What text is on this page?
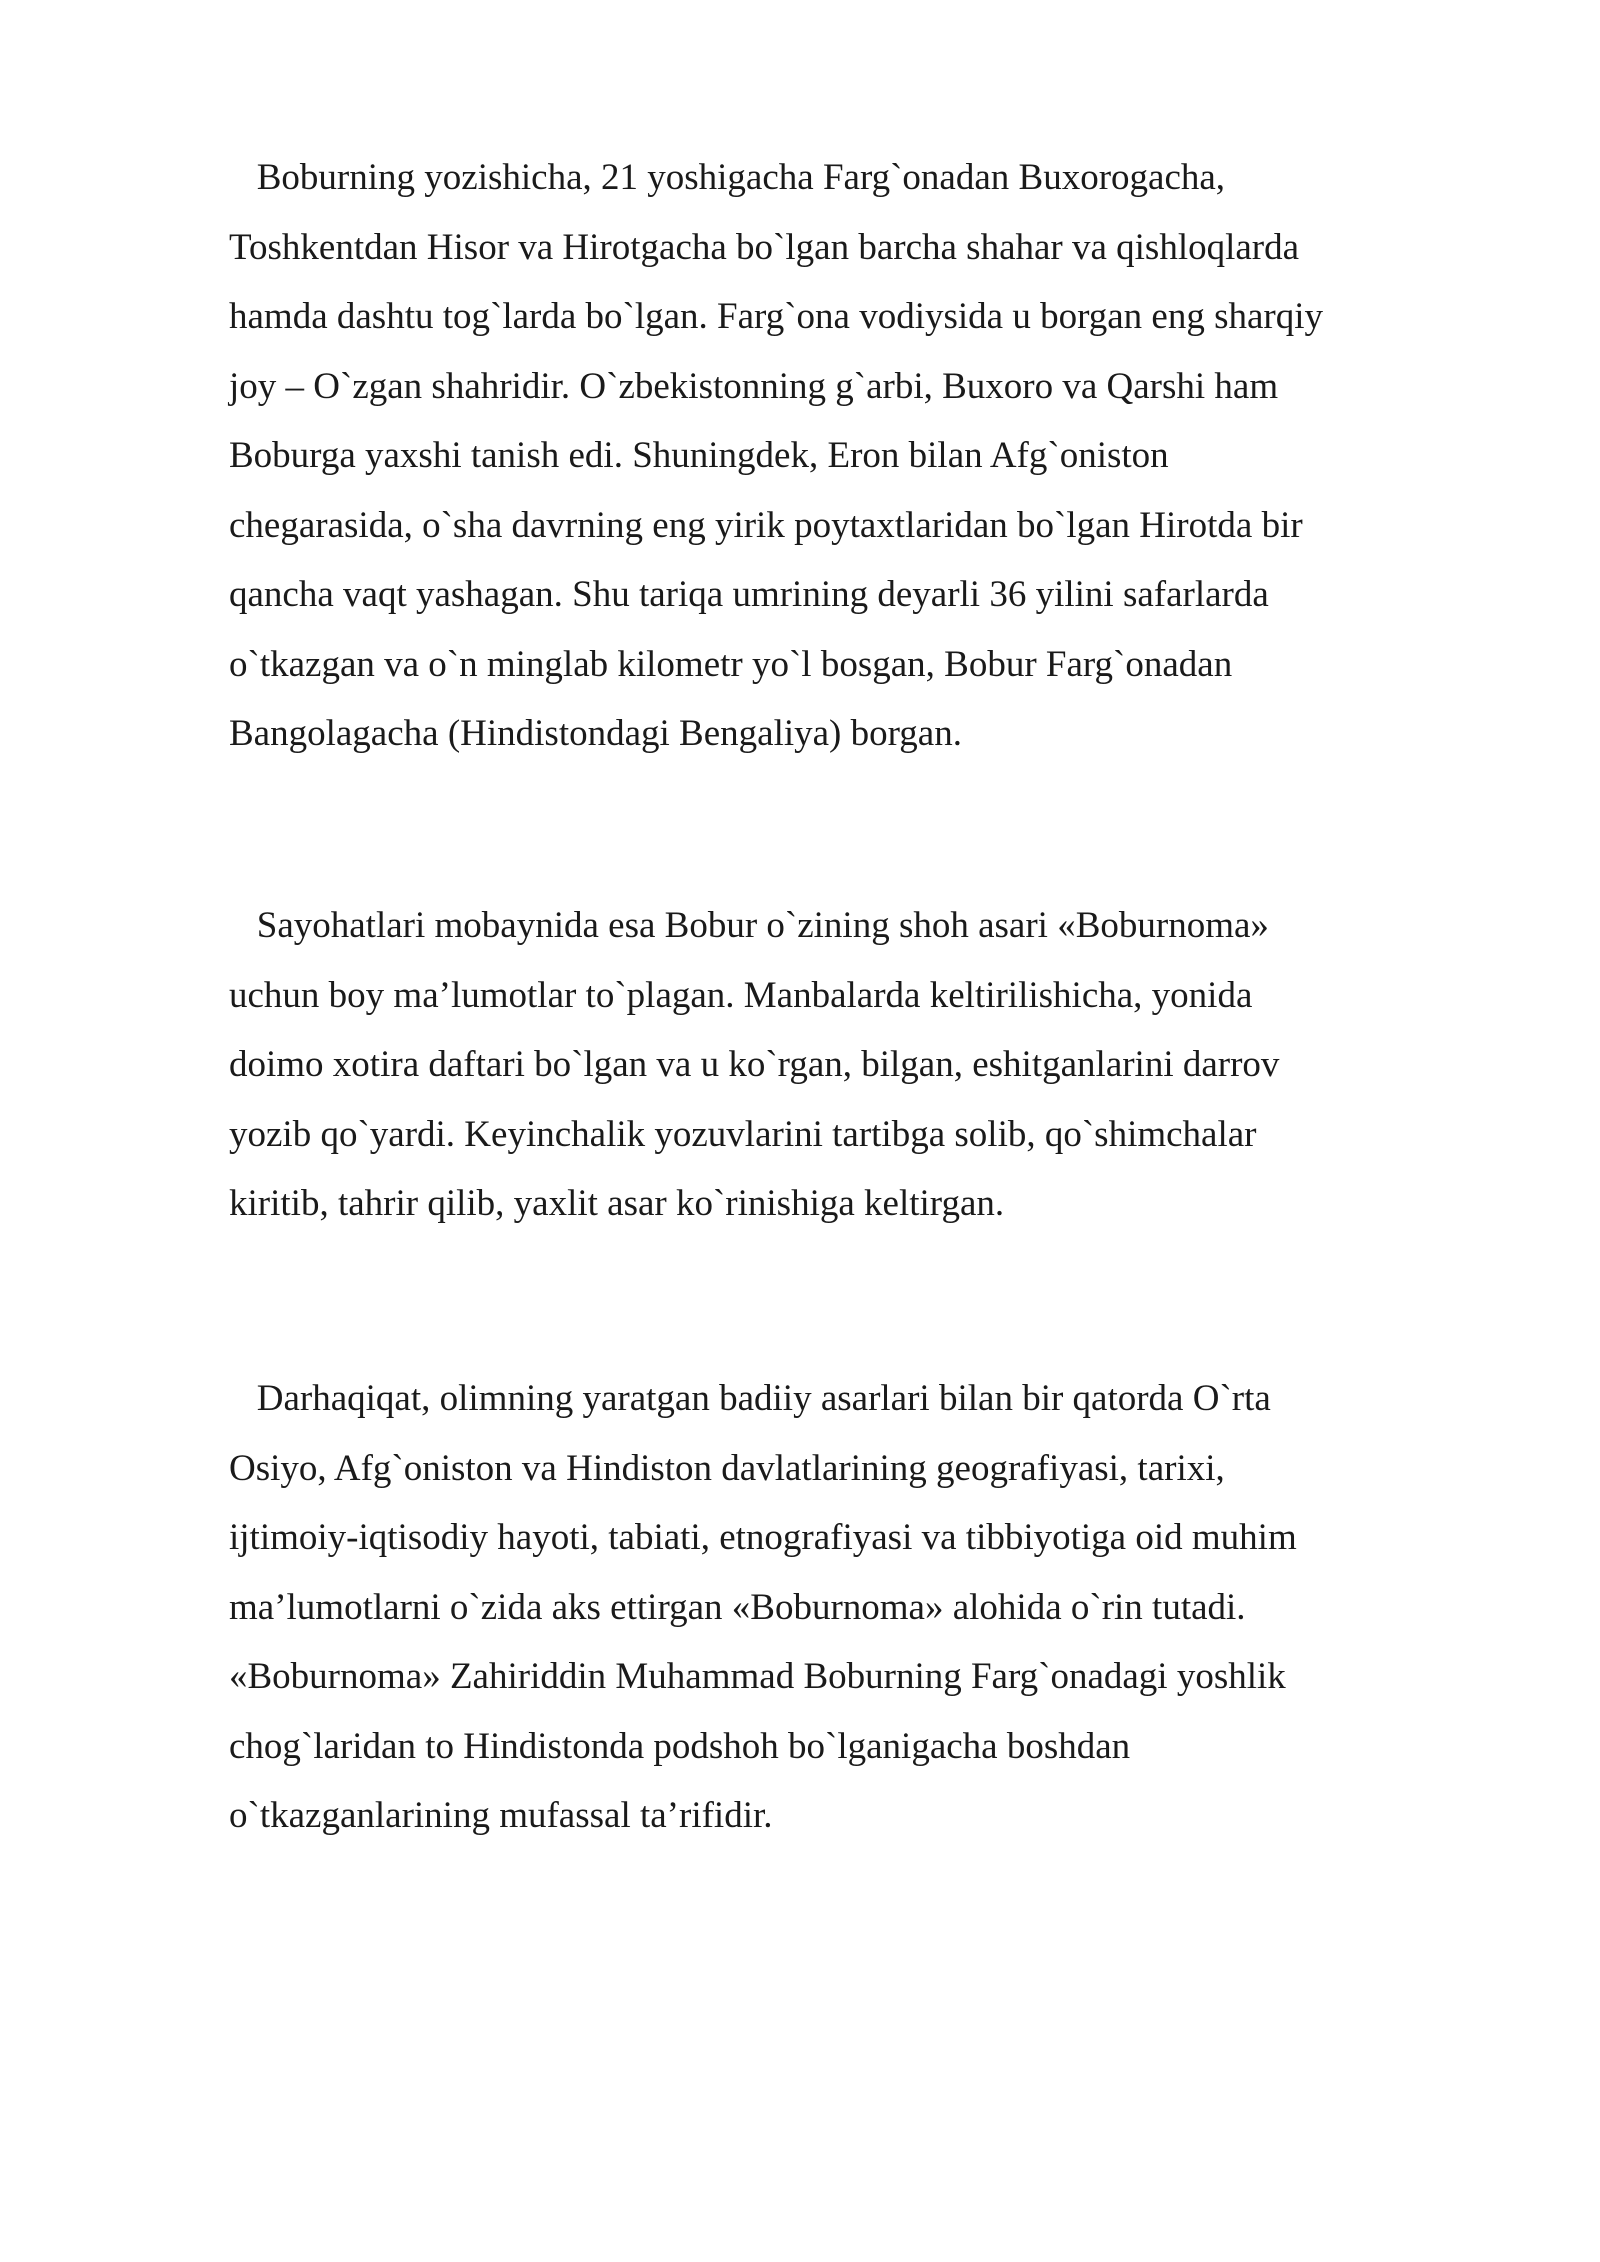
Boburning yozishicha, 21 yoshigacha Farg`onadan Buxorogacha,
Toshkentdan Hisor va Hirotgacha bo`lgan barcha shahar va qishloqlarda
hamda dashtu tog`larda bo`lgan. Farg`ona vodiysida u borgan eng sharqiy
joy – O`zgan shahridir. O`zbekistonning g`arbi, Buxoro va Qarshi ham
Boburga yaxshi tanish edi. Shuningdek, Eron bilan Afg`oniston
chegarasida, o`sha davrning eng yirik poytaxtlaridan bo`lgan Hirotda bir
qancha vaqt yashagan. Shu tariqa umrining deyarli 36 yilini safarlarda
o`tkazgan va o`n minglab kilometr yo`l bosgan, Bobur Farg`onadan
Bangolagacha (Hindistondagi Bengaliya) borgan.
Sayohatlari mobaynida esa Bobur o`zining shoh asari «Boburnoma»
uchun boy ma’lumotlar to`plagan. Manbalarda keltirilishicha, yonida
doimo xotira daftari bo`lgan va u ko`rgan, bilgan, eshitganlarini darrov
yozib qo`yardi. Keyinchalik yozuvlarini tartibga solib, qo`shimchalar
kiritib, tahrir qilib, yaxlit asar ko`rinishiga keltirgan.
Darhaqiqat, olimning yaratgan badiiy asarlari bilan bir qatorda O`rta
Osiyo, Afg`oniston va Hindiston davlatlarining geografiyasi, tarixi,
ijtimoiy-iqtisodiy hayoti, tabiati, etnografiyasi va tibbiyotiga oid muhim
ma’lumotlarni o`zida aks ettirgan «Boburnoma» alohida o`rin tutadi.
«Boburnoma» Zahiriddin Muhammad Boburning Farg`onadagi yoshlik
chog`laridan to Hindistonda podshoh bo`lganigacha boshdan
o`tkazganlarining mufassal ta’rifidir.
